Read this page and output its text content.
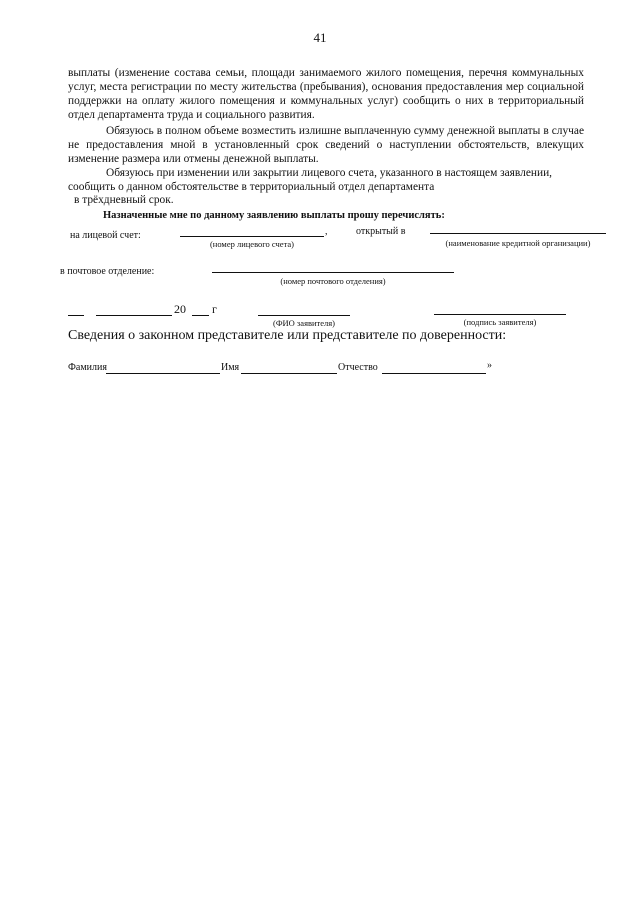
41
выплаты (изменение состава семьи, площади занимаемого жилого помещения, перечня коммунальных услуг, места регистрации по месту жительства (пребывания), основания предоставления мер социальной поддержки на оплату жилого помещения и коммунальных услуг) сообщить о них в территориальный отдел департамента труда и социального развития.
Обязуюсь в полном объеме возместить излишне выплаченную сумму денежной выплаты в случае не предоставления мной в установленный срок сведений о наступлении обстоятельств, влекущих изменение размера или отмены денежной выплаты.
Обязуюсь при изменении или закрытии лицевого счета, указанного в настоящем заявлении, сообщить о данном обстоятельстве в территориальный отдел департамента
в трёхдневный срок.
Назначенные мне по данному заявлению выплаты прошу перечислять:
на лицевой счет:	,
(номер лицевого счета)
открытый в
(наименование кредитной организации)
в почтовое отделение:
(номер почтового отделения)
20 г
(ФИО заявителя)	(подпись заявителя)
Сведения о законном представителе или представителе по доверенности:
Фамилия	Имя	Отчество	»
